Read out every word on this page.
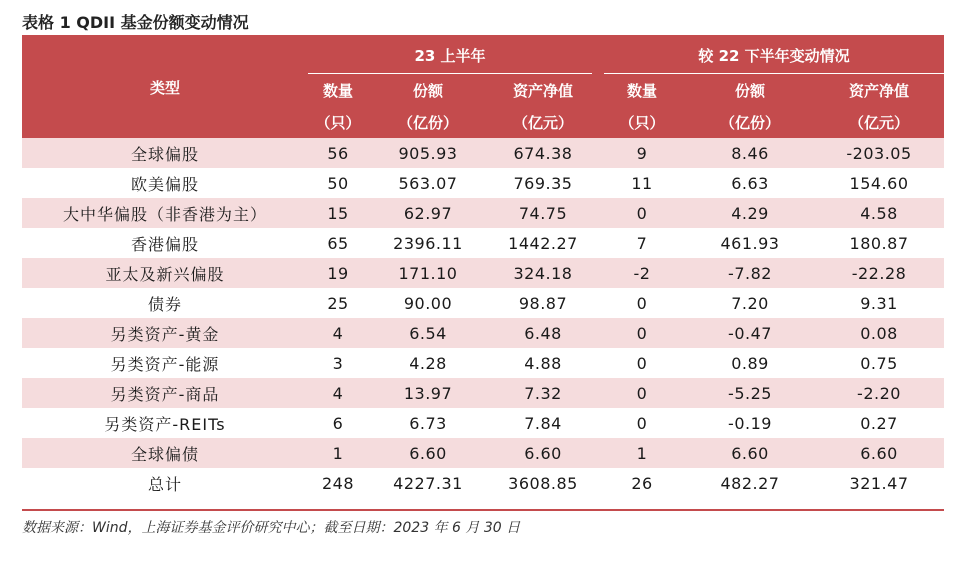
表格 1 QDII 基金份额变动情况
类型	23 上半年			较 22 下半年变动情况		
	数量	份额	资产净值	数量	份额	资产净值
	（只）	（亿份）	（亿元）	（只）	（亿份）	（亿元）
全球偏股	56	905.93	674.38	9	8.46	-203.05
欧美偏股	50	563.07	769.35	11	6.63	154.60
大中华偏股（非香港为主）	15	62.97	74.75	0	4.29	4.58
香港偏股	65	2396.11	1442.27	7	461.93	180.87
亚太及新兴偏股	19	171.10	324.18	-2	-7.82	-22.28
债券	25	90.00	98.87	0	7.20	9.31
另类资产-黄金	4	6.54	6.48	0	-0.47	0.08
另类资产-能源	3	4.28	4.88	0	0.89	0.75
另类资产-商品	4	13.97	7.32	0	-5.25	-2.20
另类资产-REITs	6	6.73	7.84	0	-0.19	0.27
全球偏债	1	6.60	6.60	1	6.60	6.60
总计	248	4227.31	3608.85	26	482.27	321.47
数据来源：Wind，上海证券基金评价研究中心；截至日期：2023 年 6 月 30 日
